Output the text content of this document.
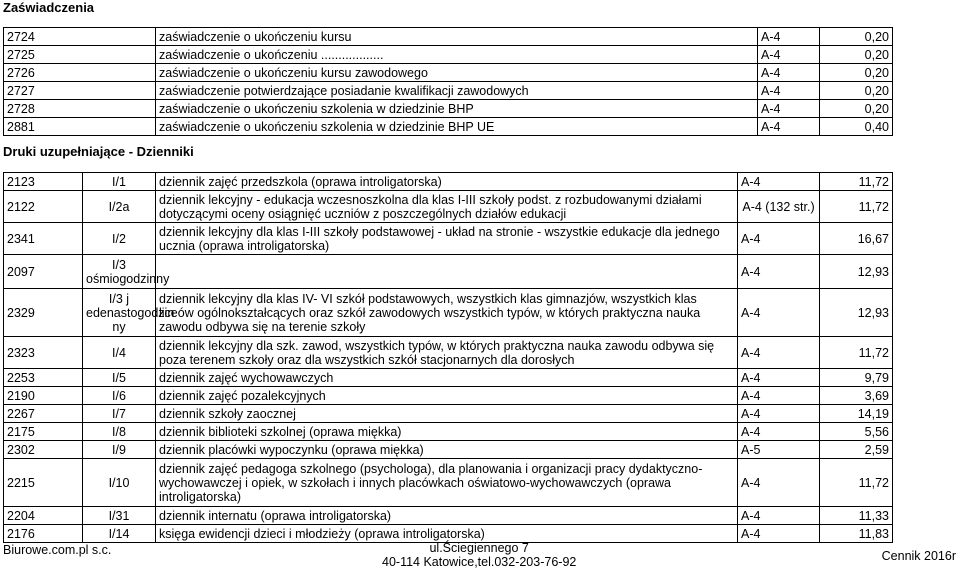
Zaświadczenia
2724	zaświadczenie o ukończeniu kursu	A-4	0,20
2725	zaświadczenie o ukończeniu ..................	A-4	0,20
2726	zaświadczenie o ukończeniu kursu zawodowego	A-4	0,20
2727	zaświadczenie potwierdzające posiadanie kwalifikacji zawodowych	A-4	0,20
2728	zaświadczenie o ukończeniu szkolenia w dziedzinie BHP	A-4	0,20
2881	zaświadczenie o ukończeniu szkolenia w dziedzinie BHP UE	A-4	0,40
Druki uzupełniające - Dzienniki
2123	I/1	dziennik zajęć przedszkola (oprawa introligatorska)	A-4	11,72
2122	I/2a	dziennik lekcyjny - edukacja wczesnoszkolna dla klas I-III szkoły podst. z rozbudowanymi działami dotyczącymi oceny osiągnięć uczniów z poszczególnych działów edukacji	A-4 (132 str.)	11,72
2341	I/2	dziennik lekcyjny dla klas I-III szkoły podstawowej - układ na stronie - wszystkie edukacje dla jednego ucznia (oprawa introligatorska)	A-4	16,67
2097	I/3 ośmiogodzinny		A-4	12,93
2329	I/3 j edenastogodzin ny	dziennik lekcyjny dla klas IV- VI szkół podstawowych, wszystkich klas gimnazjów, wszystkich klas liceów ogólnokształcących oraz szkół zawodowych wszystkich typów, w których praktyczna nauka zawodu odbywa się na terenie szkoły	A-4	12,93
2323	I/4	dziennik lekcyjny dla szk. zawod, wszystkich typów, w których praktyczna nauka zawodu odbywa się poza terenem szkoły oraz dla wszystkich szkół stacjonarnych dla dorosłych	A-4	11,72
2253	I/5	dziennik zajęć wychowawczych	A-4	9,79
2190	I/6	dziennik zajęć pozalekcyjnych	A-4	3,69
2267	I/7	dziennik szkoły zaocznej	A-4	14,19
2175	I/8	dziennik biblioteki szkolnej (oprawa miękka)	A-4	5,56
2302	I/9	dziennik placówki wypoczynku (oprawa miękka)	A-5	2,59
2215	I/10	dziennik zajęć pedagoga szkolnego (psychologa), dla planowania i organizacji pracy dydaktyczno-wychowawczej i opiek, w szkołach i innych placówkach oświatowo-wychowawczych (oprawa introligatorska)	A-4	11,72
2204	I/31	dziennik internatu (oprawa introligatorska)	A-4	11,33
2176	I/14	księga ewidencji dzieci i młodzieży (oprawa introligatorska)	A-4	11,83
Biurowe.com.pl s.c.	ul.Ściegiennego 7
40-114 Katowice,tel.032-203-76-92	Cennik 2016r
